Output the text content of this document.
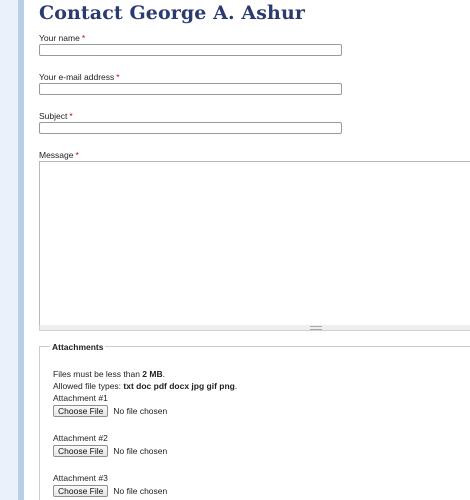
Contact George A. Ashur
Your name *
Your e-mail address *
Subject *
Message *
Attachments
Files must be less than 2 MB.
Allowed file types: txt doc pdf docx jpg gif png.
Attachment #1
Choose File	No file chosen
Attachment #2
Choose File	No file chosen
Attachment #3
Choose File	No file chosen
